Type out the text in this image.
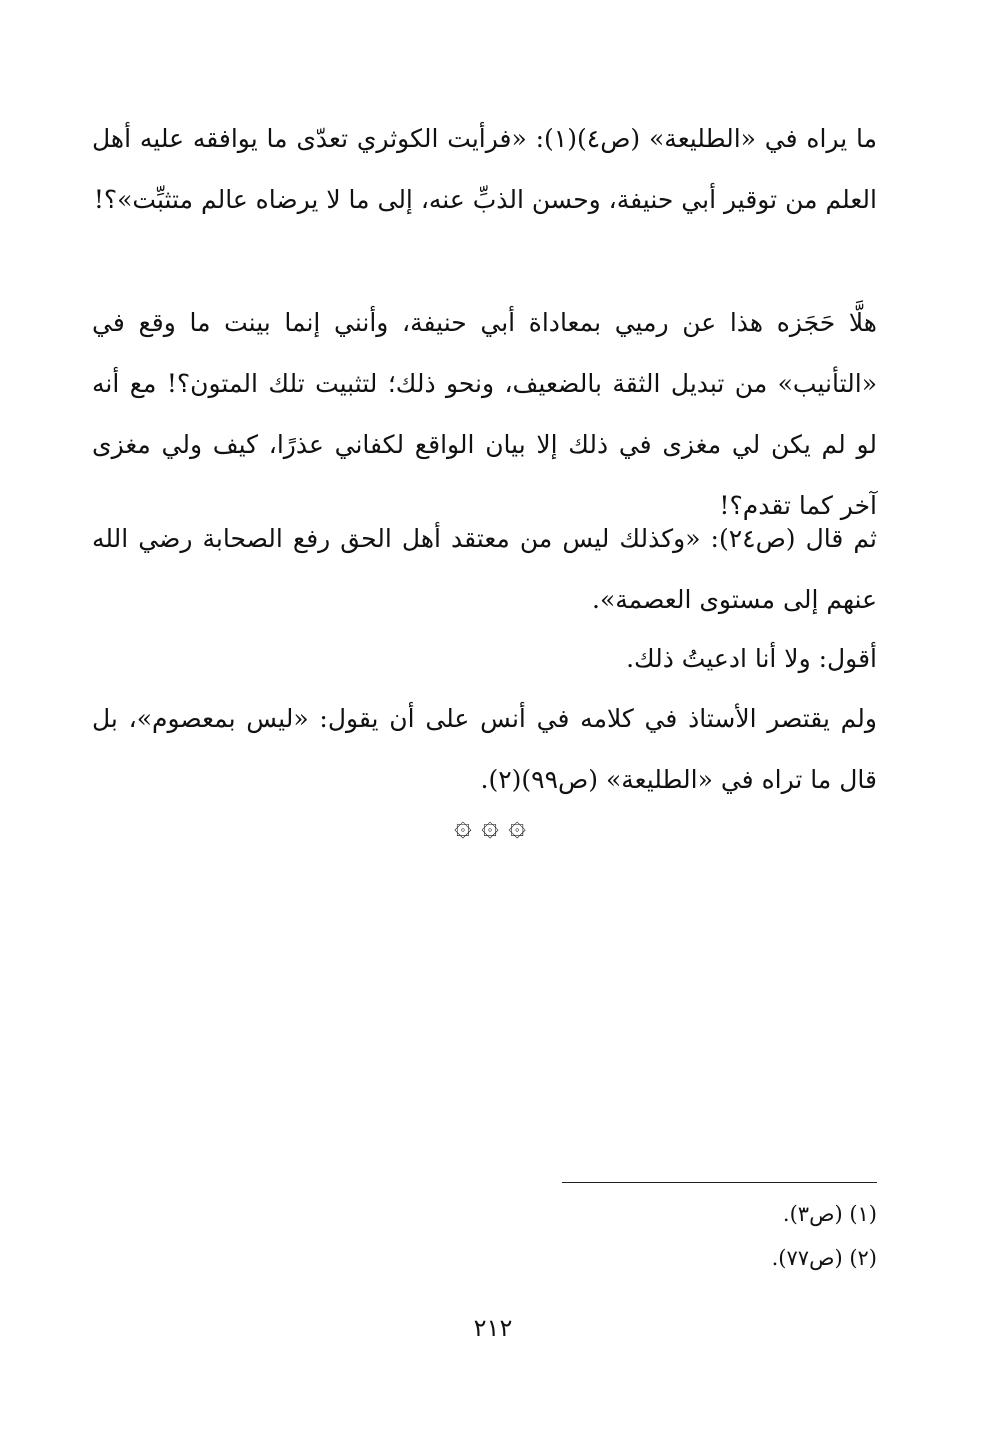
ما يراه في «الطليعة» (ص٤)(١): «فرأيت الكوثري تعدّى ما يوافقه عليه أهل العلم من توقير أبي حنيفة، وحسن الذبِّ عنه، إلى ما لا يرضاه عالم متثبِّت»؟!

هلَّا حَجَزه هذا عن رميي بمعاداة أبي حنيفة، وأنني إنما بينت ما وقع في «التأنيب» من تبديل الثقة بالضعيف، ونحو ذلك؛ لتثبيت تلك المتون؟! مع أنه لو لم يكن لي مغزى في ذلك إلا بيان الواقع لكفاني عذرًا، كيف ولي مغزى آخر كما تقدم؟!

ثم قال (ص٢٤): «وكذلك ليس من معتقد أهل الحق رفع الصحابة رضي الله عنهم إلى مستوى العصمة».

أقول: ولا أنا ادعيتُ ذلك.

ولم يقتصر الأستاذ في كلامه في أنس على أن يقول: «ليس بمعصوم»، بل قال ما تراه في «الطليعة» (ص٩٩)(٢).

۞ ۞ ۞
(١) (ص٣).
(٢) (ص٧٧).
٢١٢
